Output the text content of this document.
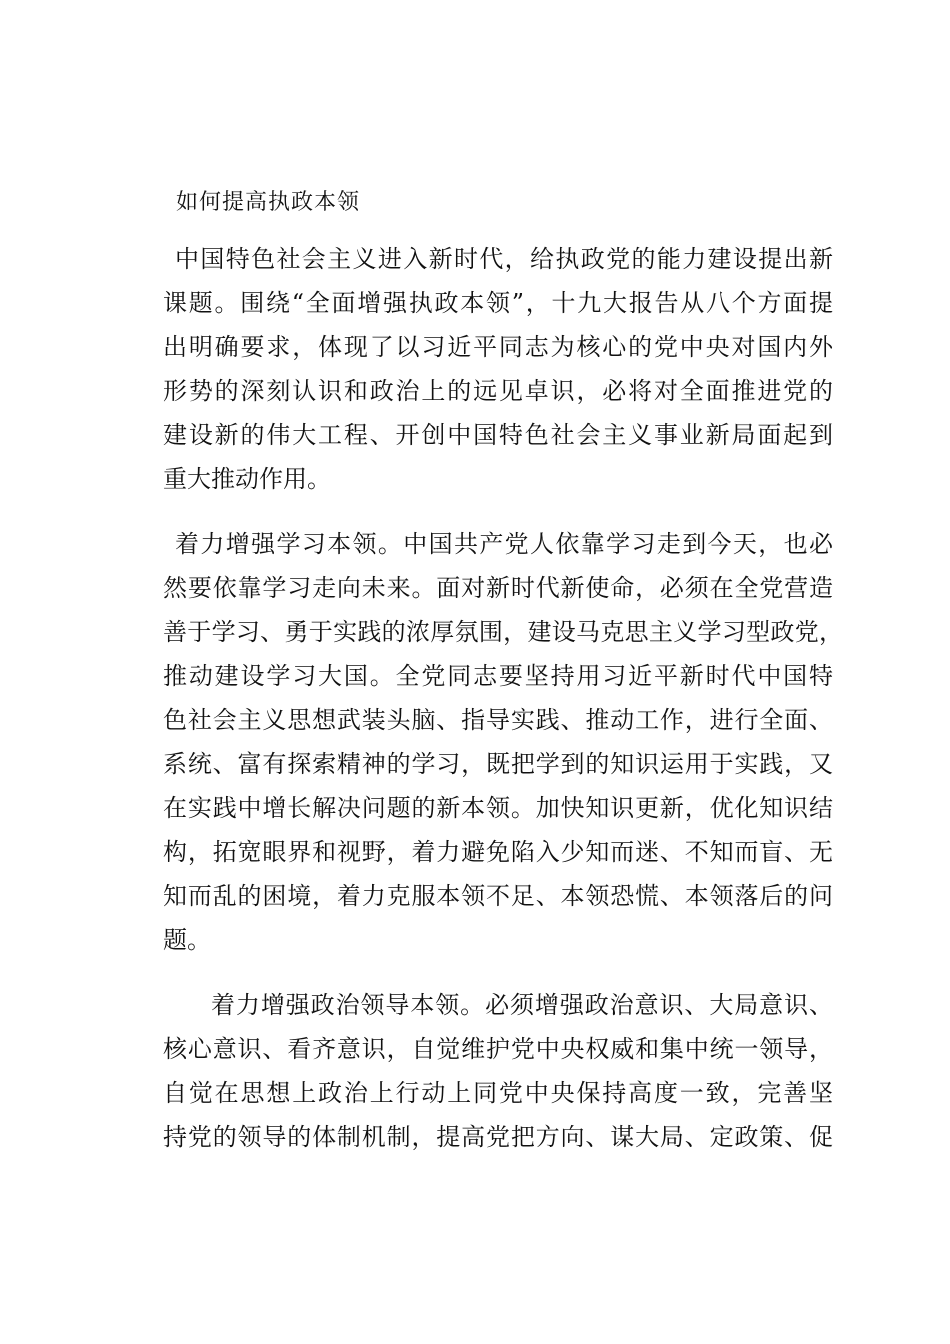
如何提高执政本领
中国特色社会主义进入新时代，给执政党的能力建设提出新
课题。围绕“全面增强执政本领”，十九大报告从八个方面提
出明确要求，体现了以习近平同志为核心的党中央对国内外
形势的深刻认识和政治上的远见卓识，必将对全面推进党的
建设新的伟大工程、开创中国特色社会主义事业新局面起到
重大推动作用。
着力增强学习本领。中国共产党人依靠学习走到今天，也必
然要依靠学习走向未来。面对新时代新使命，必须在全党营造
善于学习、勇于实践的浓厚氛围，建设马克思主义学习型政党，
推动建设学习大国。全党同志要坚持用习近平新时代中国特
色社会主义思想武装头脑、指导实践、推动工作，进行全面、
系统、富有探索精神的学习，既把学到的知识运用于实践，又
在实践中增长解决问题的新本领。加快知识更新，优化知识结
构，拓宽眼界和视野，着力避免陷入少知而迷、不知而盲、无
知而乱的困境，着力克服本领不足、本领恐慌、本领落后的问
题。
着力增强政治领导本领。必须增强政治意识、大局意识、
核心意识、看齐意识，自觉维护党中央权威和集中统一领导，
自觉在思想上政治上行动上同党中央保持高度一致，完善坚
持党的领导的体制机制，提高党把方向、谋大局、定政策、促
